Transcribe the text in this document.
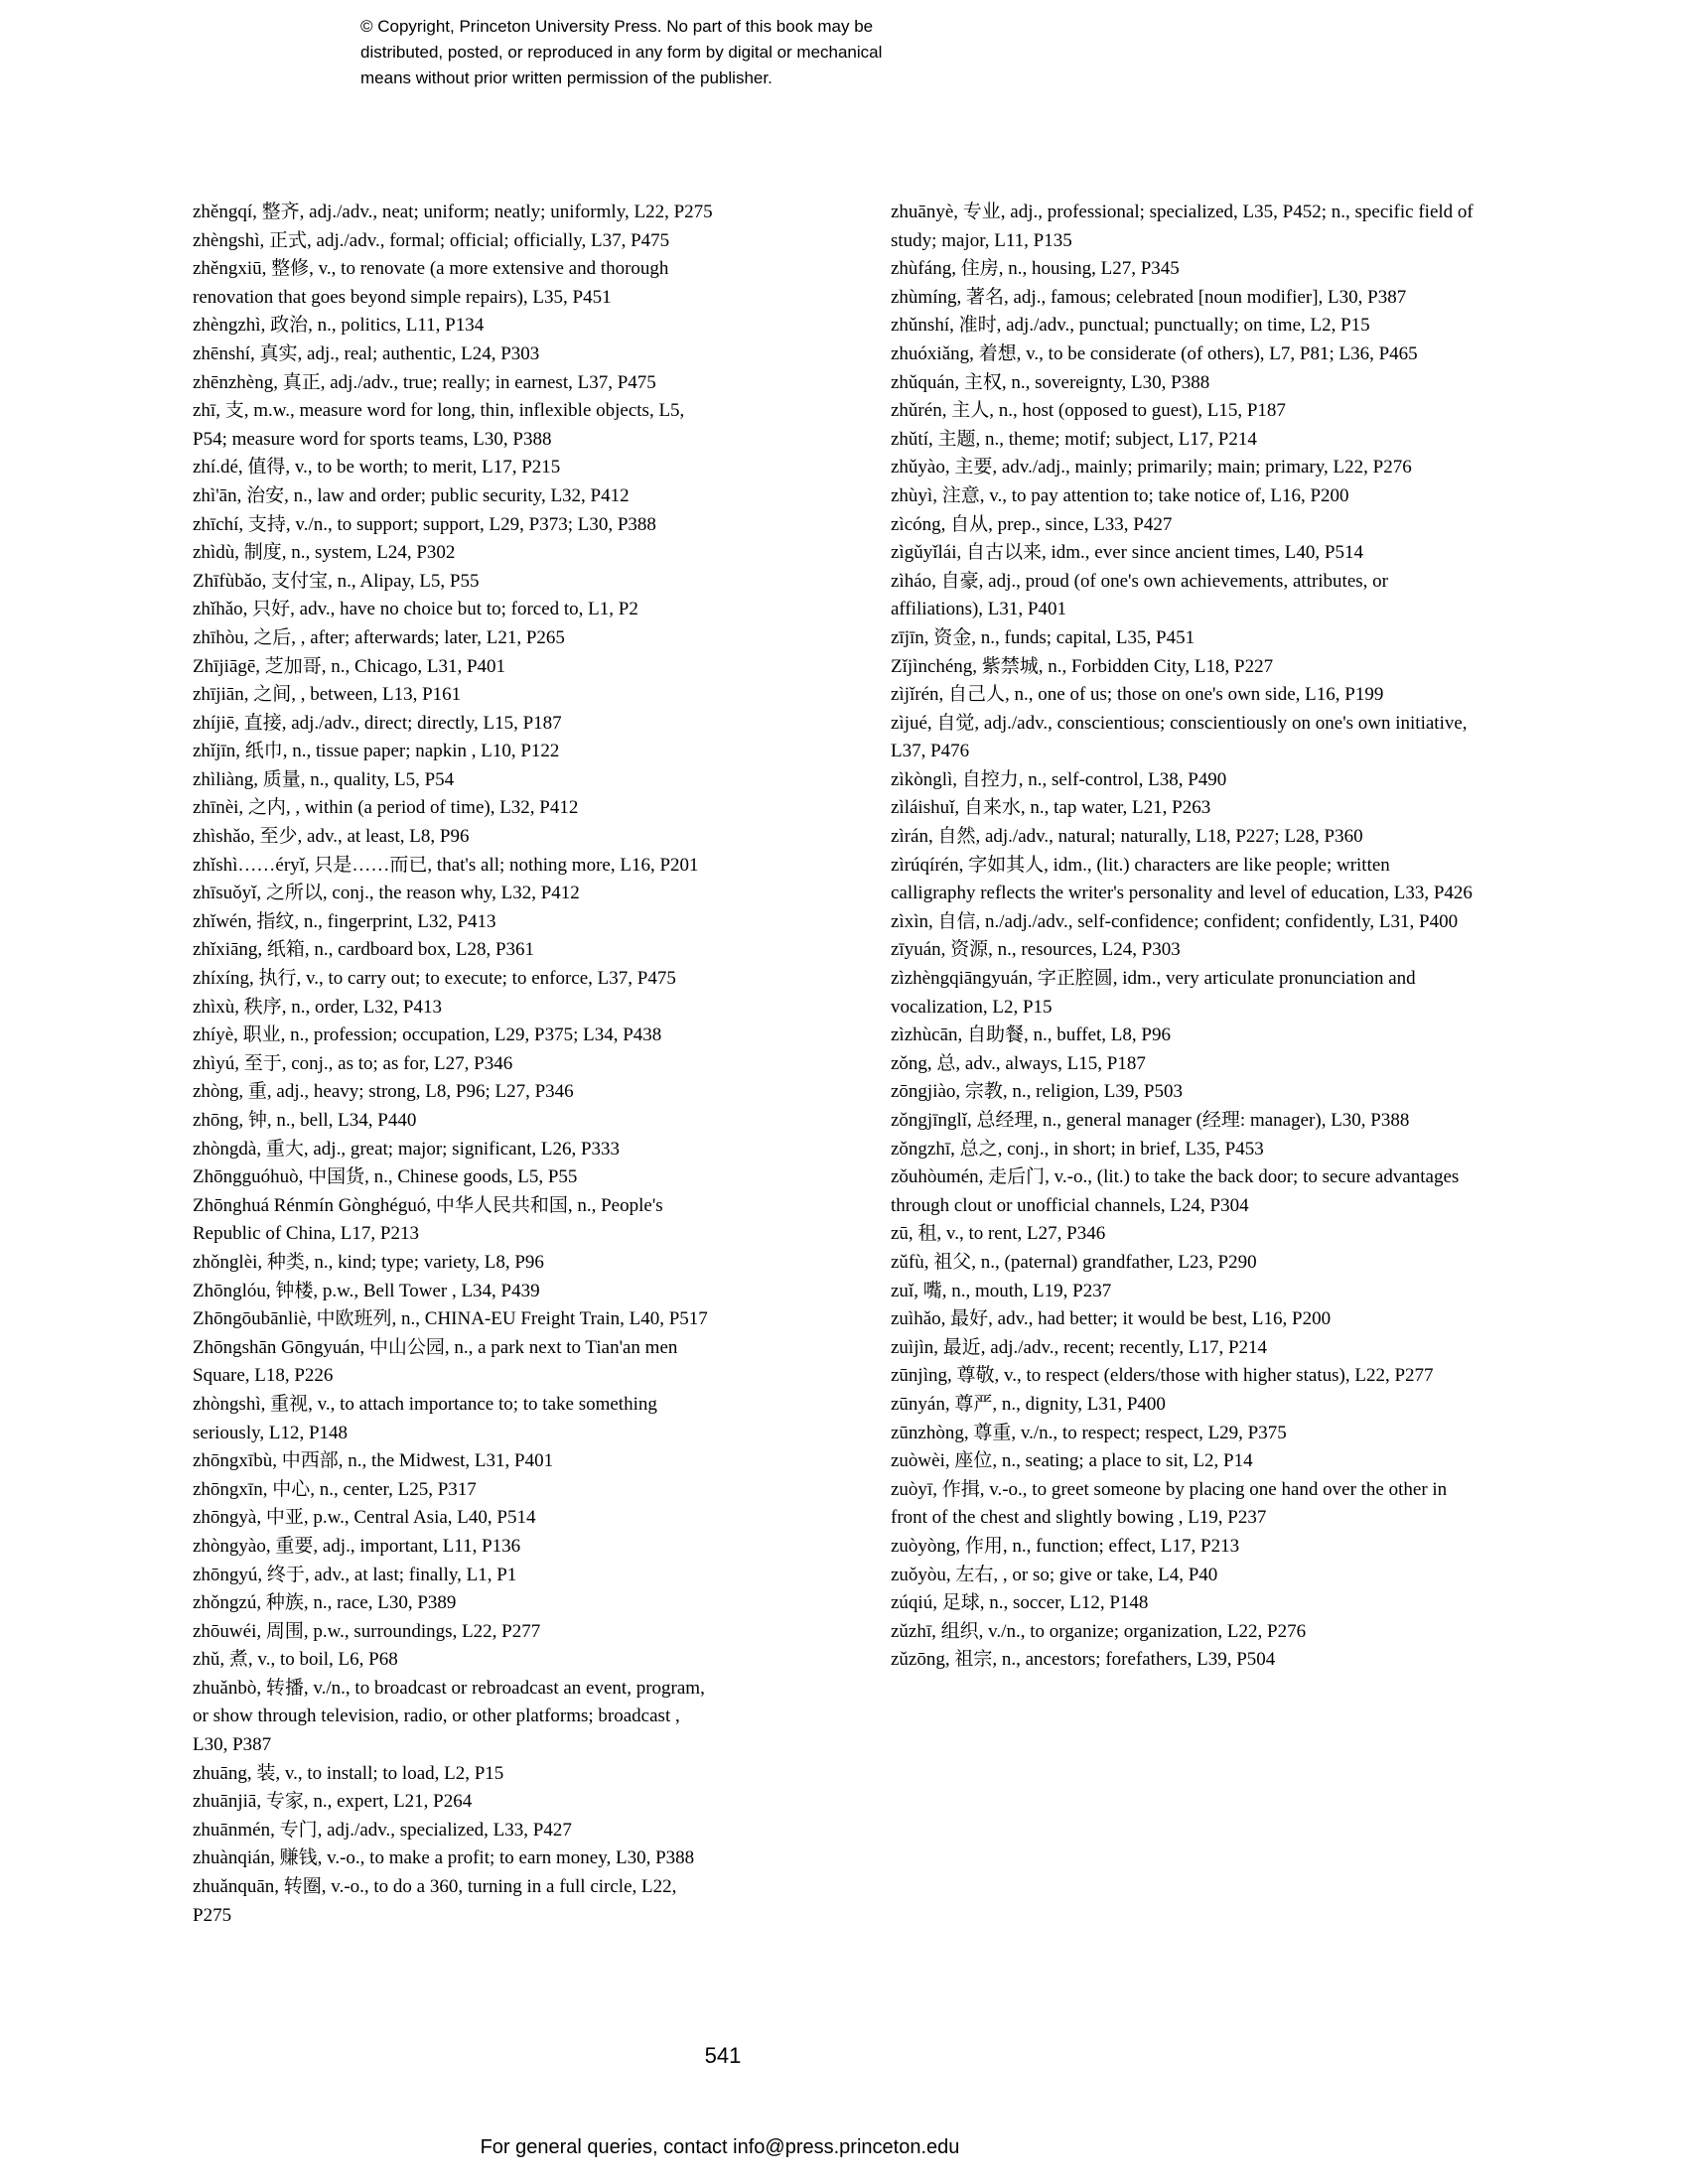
© Copyright, Princeton University Press. No part of this book may be
distributed, posted, or reproduced in any form by digital or mechanical
means without prior written permission of the publisher.

zhěngqí, 整齐, adj./adv., neat; uniform; neatly; uniformly, L22, P275

zhèngshì, 正式, adj./adv., formal; official; officially, L37, P475

zhěngxiū, 整修, v., to renovate (a more extensive and thorough renovation that goes beyond simple repairs), L35, P451

zhèngzhì, 政治, n., politics, L11, P134

zhēnshí, 真实, adj., real; authentic, L24, P303

zhēnzhèng, 真正, adj./adv., true; really; in earnest, L37, P475

zhī, 支, m.w., measure word for long, thin, inflexible objects, L5, P54; measure word for sports teams, L30, P388

zhí.dé, 值得, v., to be worth; to merit, L17, P215

zhì'ān, 治安, n., law and order; public security, L32, P412

zhīchí, 支持, v./n., to support; support, L29, P373; L30, P388

zhìdù, 制度, n., system, L24, P302

Zhīfùbǎo, 支付宝, n., Alipay, L5, P55

zhǐhǎo, 只好, adv., have no choice but to; forced to, L1, P2

zhīhòu, 之后, , after; afterwards; later, L21, P265

Zhījiāgē, 芝加哥, n., Chicago, L31, P401

zhījiān, 之间, , between, L13, P161

zhíjiē, 直接, adj./adv., direct; directly, L15, P187

zhǐjīn, 纸巾, n., tissue paper; napkin , L10, P122

zhìliàng, 质量, n., quality, L5, P54

zhīnèi, 之内, , within (a period of time), L32, P412

zhìshǎo, 至少, adv., at least, L8, P96

zhǐshì……éryǐ, 只是……而已, that's all; nothing more, L16, P201

zhīsuǒyǐ, 之所以, conj., the reason why, L32, P412

zhǐwén, 指纹, n., fingerprint, L32, P413

zhǐxiāng, 纸箱, n., cardboard box, L28, P361

zhíxíng, 执行, v., to carry out; to execute; to enforce, L37, P475

zhìxù, 秩序, n., order, L32, P413

zhíyè, 职业, n., profession; occupation, L29, P375; L34, P438

zhìyú, 至于, conj., as to; as for, L27, P346

zhòng, 重, adj., heavy; strong, L8, P96; L27, P346

zhōng, 钟, n., bell, L34, P440

zhòngdà, 重大, adj., great; major; significant, L26, P333

Zhōngguóhuò, 中国货, n., Chinese goods, L5, P55

Zhōnghuá Rénmín Gònghéguó, 中华人民共和国, n., People's Republic of China, L17, P213

zhǒnglèi, 种类, n., kind; type; variety, L8, P96

Zhōnglóu, 钟楼, p.w., Bell Tower , L34, P439

Zhōngōubānliè, 中欧班列, n., CHINA-EU Freight Train, L40, P517

Zhōngshān Gōngyuán, 中山公园, n., a park next to Tian'an men Square, L18, P226

zhòngshì, 重视, v., to attach importance to; to take something seriously, L12, P148

zhōngxībù, 中西部, n., the Midwest, L31, P401

zhōngxīn, 中心, n., center, L25, P317

zhōngyà, 中亚, p.w., Central Asia, L40, P514

zhòngyào, 重要, adj., important, L11, P136

zhōngyú, 终于, adv., at last; finally, L1, P1

zhǒngzú, 种族, n., race, L30, P389

zhōuwéi, 周围, p.w., surroundings, L22, P277

zhǔ, 煮, v., to boil, L6, P68

zhuǎnbò, 转播, v./n., to broadcast or rebroadcast an event, program, or show through television, radio, or other platforms; broadcast , L30, P387

zhuāng, 装, v., to install; to load, L2, P15

zhuānjiā, 专家, n., expert, L21, P264

zhuānmén, 专门, adj./adv., specialized, L33, P427

zhuànqián, 赚钱, v.-o., to make a profit; to earn money, L30, P388

zhuǎnquān, 转圈, v.-o., to do a 360, turning in a full circle, L22, P275

zhuānyè, 专业, adj., professional; specialized, L35, P452; n., specific field of study; major, L11, P135

zhùfáng, 住房, n., housing, L27, P345

zhùmíng, 著名, adj., famous; celebrated [noun modifier], L30, P387

zhǔnshí, 准时, adj./adv., punctual; punctually; on time, L2, P15

zhuóxiǎng, 着想, v., to be considerate (of others), L7, P81; L36, P465

zhǔquán, 主权, n., sovereignty, L30, P388

zhǔrén, 主人, n., host (opposed to guest), L15, P187

zhǔtí, 主题, n., theme; motif; subject, L17, P214

zhǔyào, 主要, adv./adj., mainly; primarily; main; primary, L22, P276

zhùyì, 注意, v., to pay attention to; take notice of, L16, P200

zìcóng, 自从, prep., since, L33, P427

zìgǔyǐlái, 自古以来, idm., ever since ancient times, L40, P514

zìháo, 自豪, adj., proud (of one's own achievements, attributes, or affiliations), L31, P401

zījīn, 资金, n., funds; capital, L35, P451

Zǐjìnchéng, 紫禁城, n., Forbidden City, L18, P227

zìjǐrén, 自己人, n., one of us; those on one's own side, L16, P199

zìjué, 自觉, adj./adv., conscientious; conscientiously on one's own initiative, L37, P476

zìkònglì, 自控力, n., self-control, L38, P490

zìláishuǐ, 自来水, n., tap water, L21, P263

zìrán, 自然, adj./adv., natural; naturally, L18, P227; L28, P360

zìrúqírén, 字如其人, idm., (lit.) characters are like people; written calligraphy reflects the writer's personality and level of education, L33, P426

zìxìn, 自信, n./adj./adv., self-confidence; confident; confidently, L31, P400

zīyuán, 资源, n., resources, L24, P303

zìzhèngqiāngyuán, 字正腔圆, idm., very articulate pronunciation and vocalization, L2, P15

zìzhùcān, 自助餐, n., buffet, L8, P96

zǒng, 总, adv., always, L15, P187

zōngjiào, 宗教, n., religion, L39, P503

zǒngjīnglǐ, 总经理, n., general manager (经理: manager), L30, P388

zǒngzhī, 总之, conj., in short; in brief, L35, P453

zǒuhòumén, 走后门, v.-o., (lit.) to take the back door; to secure advantages through clout or unofficial channels, L24, P304

zū, 租, v., to rent, L27, P346

zǔfù, 祖父, n., (paternal) grandfather, L23, P290

zuǐ, 嘴, n., mouth, L19, P237

zuìhǎo, 最好, adv., had better; it would be best, L16, P200

zuìjìn, 最近, adj./adv., recent; recently, L17, P214

zūnjìng, 尊敬, v., to respect (elders/those with higher status), L22, P277

zūnyán, 尊严, n., dignity, L31, P400

zūnzhòng, 尊重, v./n., to respect; respect, L29, P375

zuòwèi, 座位, n., seating; a place to sit, L2, P14

zuòyī, 作揖, v.-o., to greet someone by placing one hand over the other in front of the chest and slightly bowing , L19, P237

zuòyòng, 作用, n., function; effect, L17, P213

zuǒyòu, 左右, , or so; give or take, L4, P40

zúqiú, 足球, n., soccer, L12, P148

zǔzhī, 组织, v./n., to organize; organization, L22, P276

zǔzōng, 祖宗, n., ancestors; forefathers, L39, P504

541
For general queries, contact info@press.princeton.edu
